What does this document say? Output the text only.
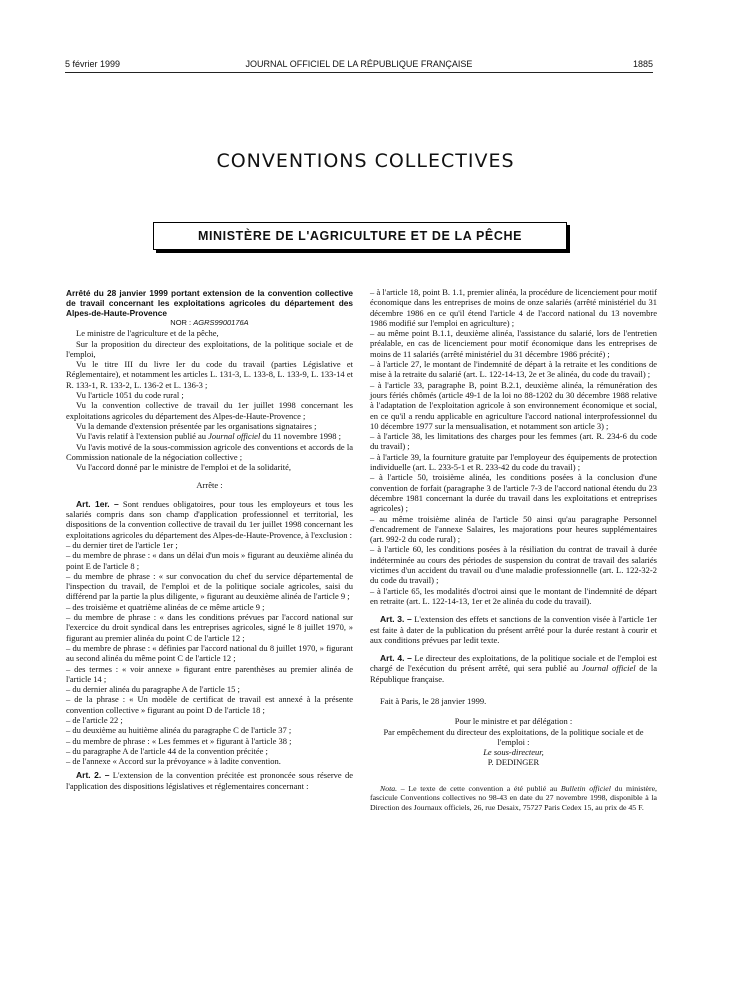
5 février 1999	JOURNAL OFFICIEL DE LA RÉPUBLIQUE FRANÇAISE	1885
CONVENTIONS COLLECTIVES
MINISTÈRE DE L'AGRICULTURE ET DE LA PÊCHE

Arrêté du 28 janvier 1999 portant extension de la convention collective de travail concernant les exploitations agricoles du département des Alpes-de-Haute-Provence

NOR : AGRS9900176A

Le ministre de l'agriculture et de la pêche,

Sur la proposition du directeur des exploitations, de la politique sociale et de l'emploi,

Vu le titre III du livre Ier du code du travail (parties Législative et Réglementaire), et notamment les articles L. 131-3, L. 133-8, L. 133-9, L. 133-14 et R. 133-1, R. 133-2, L. 136-2 et L. 136-3 ;

Vu l'article 1051 du code rural ;

Vu la convention collective de travail du 1er juillet 1998 concernant les exploitations agricoles du département des Alpes-de-Haute-Provence ;

Vu la demande d'extension présentée par les organisations signataires ;

Vu l'avis relatif à l'extension publié au Journal officiel du 11 novembre 1998 ;

Vu l'avis motivé de la sous-commission agricole des conventions et accords de la Commission nationale de la négociation collective ;

Vu l'accord donné par le ministre de l'emploi et de la solidarité,

Arrête :

Art. 1er. – Sont rendues obligatoires, pour tous les employeurs et tous les salariés compris dans son champ d'application professionnel et territorial, les dispositions de la convention collective de travail du 1er juillet 1998 concernant les exploitations agricoles du département des Alpes-de-Haute-Provence, à l'exclusion :

– du dernier tiret de l'article 1er ;

– du membre de phrase : « dans un délai d'un mois » figurant au deuxième alinéa du point E de l'article 8 ;

– du membre de phrase : « sur convocation du chef du service départemental de l'inspection du travail, de l'emploi et de la politique sociale agricoles, saisi du différend par la partie la plus diligente, » figurant au deuxième alinéa de l'article 9 ;

– des troisième et quatrième alinéas de ce même article 9 ;

– du membre de phrase : « dans les conditions prévues par l'accord national sur l'exercice du droit syndical dans les entreprises agricoles, signé le 8 juillet 1970, » figurant au premier alinéa du point C de l'article 12 ;

– du membre de phrase : « définies par l'accord national du 8 juillet 1970, » figurant au second alinéa du même point C de l'article 12 ;

– des termes : « voir annexe » figurant entre parenthèses au premier alinéa de l'article 14 ;

– du dernier alinéa du paragraphe A de l'article 15 ;

– de la phrase : « Un modèle de certificat de travail est annexé à la présente convention collective » figurant au point D de l'article 18 ;

– de l'article 22 ;

– du deuxième au huitième alinéa du paragraphe C de l'article 37 ;

– du membre de phrase : « Les femmes et » figurant à l'article 38 ;

– du paragraphe A de l'article 44 de la convention précitée ;

– de l'annexe « Accord sur la prévoyance » à ladite convention.

Art. 2. – L'extension de la convention précitée est prononcée sous réserve de l'application des dispositions législatives et réglementaires concernant :

– à l'article 18, point B. 1.1, premier alinéa, la procédure de licenciement pour motif économique dans les entreprises de moins de onze salariés (arrêté ministériel du 31 décembre 1986 en ce qu'il étend l'article 4 de l'accord national du 13 novembre 1986 modifié sur l'emploi en agriculture) ;

– au même point B.1.1, deuxième alinéa, l'assistance du salarié, lors de l'entretien préalable, en cas de licenciement pour motif économique dans les entreprises de moins de 11 salariés (arrêté ministériel du 31 décembre 1986 précité) ;

– à l'article 27, le montant de l'indemnité de départ à la retraite et les conditions de mise à la retraite du salarié (art. L. 122-14-13, 2e et 3e alinéa, du code du travail) ;

– à l'article 33, paragraphe B, point B.2.1, deuxième alinéa, la rémunération des jours fériés chômés (article 49-1 de la loi no 88-1202 du 30 décembre 1988 relative à l'adaptation de l'exploitation agricole à son environnement économique et social, en ce qu'il a rendu applicable en agriculture l'accord national interprofessionnel du 10 décembre 1977 sur la mensualisation, et notamment son article 3) ;

– à l'article 38, les limitations des charges pour les femmes (art. R. 234-6 du code du travail) ;

– à l'article 39, la fourniture gratuite par l'employeur des équipements de protection individuelle (art. L. 233-5-1 et R. 233-42 du code du travail) ;

– à l'article 50, troisième alinéa, les conditions posées à la conclusion d'une convention de forfait (paragraphe 3 de l'article 7-3 de l'accord national étendu du 23 décembre 1981 concernant la durée du travail dans les exploitations et entreprises agricoles) ;

– au même troisième alinéa de l'article 50 ainsi qu'au paragraphe Personnel d'encadrement de l'annexe Salaires, les majorations pour heures supplémentaires (art. 992-2 du code rural) ;

– à l'article 60, les conditions posées à la résiliation du contrat de travail à durée indéterminée au cours des périodes de suspension du contrat de travail des salariés victimes d'un accident du travail ou d'une maladie professionnelle (art. L. 122-32-2 du code du travail) ;

– à l'article 65, les modalités d'octroi ainsi que le montant de l'indemnité de départ en retraite (art. L. 122-14-13, 1er et 2e alinéa du code du travail).

Art. 3. – L'extension des effets et sanctions de la convention visée à l'article 1er est faite à dater de la publication du présent arrêté pour la durée restant à courir et aux conditions prévues par ledit texte.

Art. 4. – Le directeur des exploitations, de la politique sociale et de l'emploi est chargé de l'exécution du présent arrêté, qui sera publié au Journal officiel de la République française.

Fait à Paris, le 28 janvier 1999.

Pour le ministre et par délégation :

Par empêchement du directeur des exploitations, de la politique sociale et de l'emploi :

Le sous-directeur,

P. DEDINGER

Nota. – Le texte de cette convention a été publié au Bulletin officiel du ministère, fascicule Conventions collectives no 98-43 en date du 27 novembre 1998, disponible à la Direction des Journaux officiels, 26, rue Desaix, 75727 Paris Cedex 15, au prix de 45 F.
